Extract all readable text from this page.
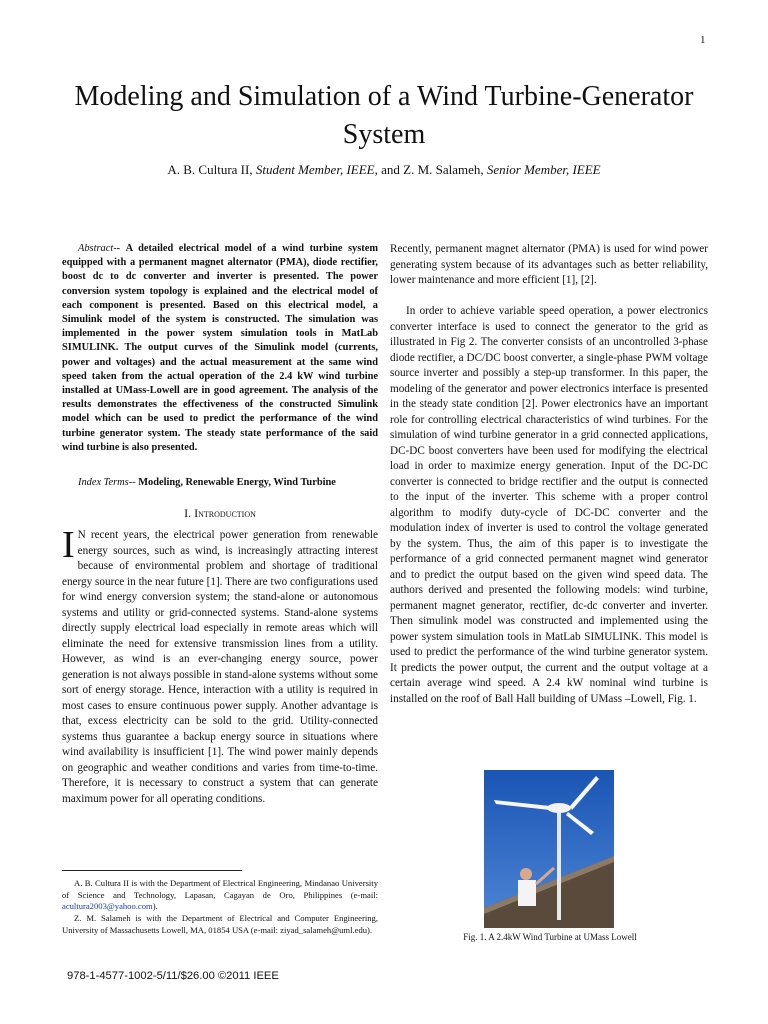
1
Modeling and Simulation of a Wind Turbine-Generator System
A. B. Cultura II, Student Member, IEEE, and Z. M. Salameh, Senior Member, IEEE
Abstract-- A detailed electrical model of a wind turbine system equipped with a permanent magnet alternator (PMA), diode rectifier, boost dc to dc converter and inverter is presented. The power conversion system topology is explained and the electrical model of each component is presented. Based on this electrical model, a Simulink model of the system is constructed. The simulation was implemented in the power system simulation tools in MatLab SIMULINK. The output curves of the Simulink model (currents, power and voltages) and the actual measurement at the same wind speed taken from the actual operation of the 2.4 kW wind turbine installed at UMass-Lowell are in good agreement. The analysis of the results demonstrates the effectiveness of the constructed Simulink model which can be used to predict the performance of the wind turbine generator system. The steady state performance of the said wind turbine is also presented.
Index Terms-- Modeling, Renewable Energy, Wind Turbine
I. Introduction
I N recent years, the electrical power generation from renewable energy sources, such as wind, is increasingly attracting interest because of environmental problem and shortage of traditional energy source in the near future [1]. There are two configurations used for wind energy conversion system; the stand-alone or autonomous systems and utility or grid-connected systems. Stand-alone systems directly supply electrical load especially in remote areas which will eliminate the need for extensive transmission lines from a utility. However, as wind is an ever-changing energy source, power generation is not always possible in stand-alone systems without some sort of energy storage. Hence, interaction with a utility is required in most cases to ensure continuous power supply. Another advantage is that, excess electricity can be sold to the grid. Utility-connected systems thus guarantee a backup energy source in situations where wind availability is insufficient [1]. The wind power mainly depends on geographic and weather conditions and varies from time-to-time. Therefore, it is necessary to construct a system that can generate maximum power for all operating conditions.
A. B. Cultura II is with the Department of Electrical Engineering, Mindanao University of Science and Technology, Lapasan, Cagayan de Oro, Philippines (e-mail: acultura2003@yahoo.com).
Z. M. Salameh is with the Department of Electrical and Computer Engineering, University of Massachusetts Lowell, MA, 01854 USA (e-mail: ziyad_salameh@uml.edu).
978-1-4577-1002-5/11/$26.00 ©2011 IEEE
Recently, permanent magnet alternator (PMA) is used for wind power generating system because of its advantages such as better reliability, lower maintenance and more efficient [1], [2].
In order to achieve variable speed operation, a power electronics converter interface is used to connect the generator to the grid as illustrated in Fig 2. The converter consists of an uncontrolled 3-phase diode rectifier, a DC/DC boost converter, a single-phase PWM voltage source inverter and possibly a step-up transformer. In this paper, the modeling of the generator and power electronics interface is presented in the steady state condition [2]. Power electronics have an important role for controlling electrical characteristics of wind turbines. For the simulation of wind turbine generator in a grid connected applications, DC-DC boost converters have been used for modifying the electrical load in order to maximize energy generation. Input of the DC-DC converter is connected to bridge rectifier and the output is connected to the input of the inverter. This scheme with a proper control algorithm to modify duty-cycle of DC-DC converter and the modulation index of inverter is used to control the voltage generated by the system. Thus, the aim of this paper is to investigate the performance of a grid connected permanent magnet wind generator and to predict the output based on the given wind speed data. The authors derived and presented the following models: wind turbine, permanent magnet generator, rectifier, dc-dc converter and inverter. Then simulink model was constructed and implemented using the power system simulation tools in MatLab SIMULINK. This model is used to predict the performance of the wind turbine generator system. It predicts the power output, the current and the output voltage at a certain average wind speed. A 2.4 kW nominal wind turbine is installed on the roof of Ball Hall building of UMass –Lowell, Fig. 1.
Fig. 1. A 2.4kW Wind Turbine at UMass Lowell
